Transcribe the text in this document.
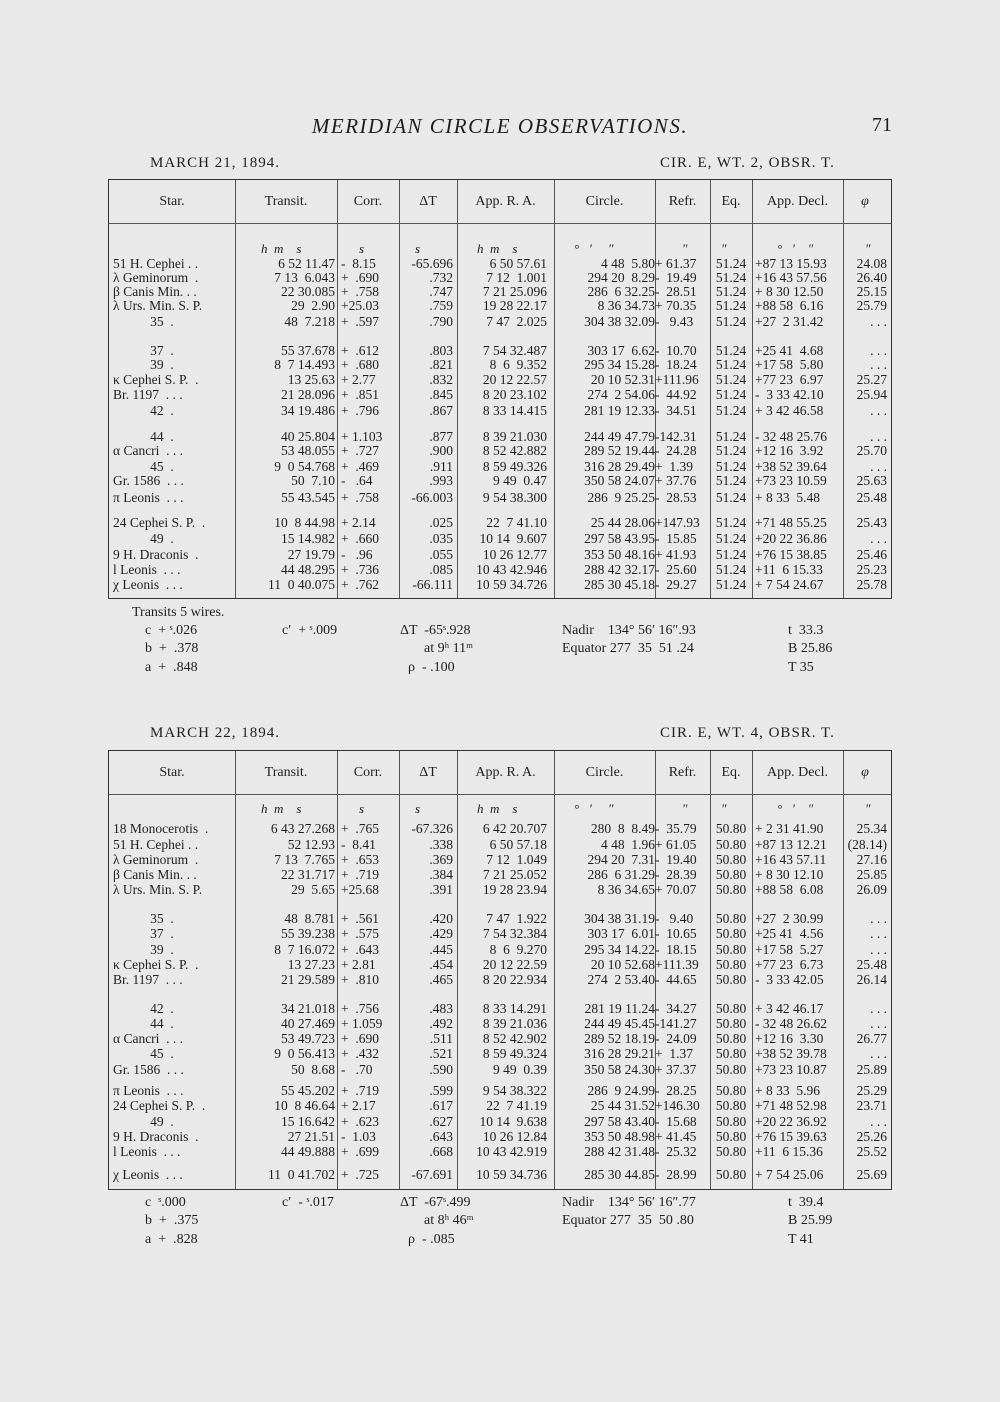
MERIDIAN CIRCLE OBSERVATIONS.	71
MARCH 21, 1894.	CIR. E, WT. 2, OBSR. T.
Star.	Transit.	Corr.	ΔT	App. R. A.	Circle.	Refr.	Eq.	App. Decl.	φ
h  m    s	s	s	h  m    s	°   ′     ″	″	″	°   ′    ″	″
51 H. Cephei . .	6 52 11.47 -  8.15	-65.696	6 50 57.61	4 48  5.80 + 61.37	51.24 +87 13 15.93	24.08
λ Geminorum  .	7 13  6.043 +  .690	.732	7 12  1.001	294 20  8.29 -  19.49	51.24 +16 43 57.56	26.40
β Canis Min. . .	22 30.085 +  .758	.747	7 21 25.096	286  6 32.25 -  28.51	51.24 + 8 30 12.50	25.15
λ Urs. Min. S. P.	29  2.90 +25.03	.759	19 28 22.17	8 36 34.73 + 70.35	51.24 +88 58  6.16	25.79
35  .	48  7.218 +  .597	.790	7 47  2.025	304 38 32.09 -   9.43	51.24 +27  2 31.42	. . .
37  .	55 37.678 +  .612	.803	7 54 32.487	303 17  6.62 -  10.70	51.24 +25 41  4.68	. . .
39  .	8  7 14.493 +  .680	.821	8  6  9.352	295 34 15.28 -  18.24	51.24 +17 58  5.80	. . .
κ Cephei S. P.  .	13 25.63 + 2.77	.832	20 12 22.57	20 10 52.31 +111.96	51.24 +77 23  6.97	25.27
Br. 1197  . . .	21 28.096 +  .851	.845	8 20 23.102	274  2 54.06 -  44.92	51.24 -  3 33 42.10	25.94
42  .	34 19.486 +  .796	.867	8 33 14.415	281 19 12.33 -  34.51	51.24 + 3 42 46.58	. . .
44  .	40 25.804 + 1.103	.877	8 39 21.030	244 49 47.79 -142.31	51.24 - 32 48 25.76	. . .
α Cancri  . . .	53 48.055 +  .727	.900	8 52 42.882	289 52 19.44 -  24.28	51.24 +12 16  3.92	25.70
45  .	9  0 54.768 +  .469	.911	8 59 49.326	316 28 29.49 +  1.39	51.24 +38 52 39.64	. . .
Gr. 1586  . . .	50  7.10 -   .64	.993	9 49  0.47	350 58 24.07 + 37.76	51.24 +73 23 10.59	25.63
π Leonis  . . .	55 43.545 +  .758	-66.003	9 54 38.300	286  9 25.25 -  28.53	51.24 + 8 33  5.48	25.48
24 Cephei S. P.  .	10  8 44.98 + 2.14	.025	22  7 41.10	25 44 28.06 +147.93	51.24 +71 48 55.25	25.43
49  .	15 14.982 +  .660	.035	10 14  9.607	297 58 43.95 -  15.85	51.24 +20 22 36.86	. . .
9 H. Draconis  .	27 19.79 -   .96	.055	10 26 12.77	353 50 48.16 + 41.93	51.24 +76 15 38.85	25.46
l Leonis  . . .	44 48.295 +  .736	.085	10 43 42.946	288 42 32.17 -  25.60	51.24 +11  6 15.33	25.23
χ Leonis  . . .	11  0 40.075 +  .762	-66.111	10 59 34.726	285 30 45.18 -  29.27	51.24 + 7 54 24.67	25.78
Transits 5 wires.
c  + ˢ.026	c′  + ˢ.009	ΔT  -65ˢ.928	Nadir    134° 56′ 16″.93	t  33.3
b  +  .378	at 9ʰ 11ᵐ	Equator 277  35  51 .24	B 25.86
a  +  .848	ρ  - .100	T 35
MARCH 22, 1894.	CIR. E, WT. 4, OBSR. T.
Star.	Transit.	Corr.	ΔT	App. R. A.	Circle.	Refr.	Eq.	App. Decl.	φ
h  m    s	s	s	h  m    s	°   ′     ″	″	″	°   ′    ″	″
18 Monocerotis  .	6 43 27.268 +  .765	-67.326	6 42 20.707	280  8  8.49 -  35.79	50.80 + 2 31 41.90	25.34
51 H. Cephei . .	52 12.93 -  8.41	.338	6 50 57.18	4 48  1.96 + 61.05	50.80 +87 13 12.21	(28.14)
λ Geminorum  .	7 13  7.765 +  .653	.369	7 12  1.049	294 20  7.31 -  19.40	50.80 +16 43 57.11	27.16
β Canis Min. . .	22 31.717 +  .719	.384	7 21 25.052	286  6 31.29 -  28.39	50.80 + 8 30 12.10	25.85
λ Urs. Min. S. P.	29  5.65 +25.68	.391	19 28 23.94	8 36 34.65 + 70.07	50.80 +88 58  6.08	26.09
35  .	48  8.781 +  .561	.420	7 47  1.922	304 38 31.19 -   9.40	50.80 +27  2 30.99	. . .
37  .	55 39.238 +  .575	.429	7 54 32.384	303 17  6.01 -  10.65	50.80 +25 41  4.56	. . .
39  .	8  7 16.072 +  .643	.445	8  6  9.270	295 34 14.22 -  18.15	50.80 +17 58  5.27	. . .
κ Cephei S. P.  .	13 27.23 + 2.81	.454	20 12 22.59	20 10 52.68 +111.39	50.80 +77 23  6.73	25.48
Br. 1197  . . .	21 29.589 +  .810	.465	8 20 22.934	274  2 53.40 -  44.65	50.80 -  3 33 42.05	26.14
42  .	34 21.018 +  .756	.483	8 33 14.291	281 19 11.24 -  34.27	50.80 + 3 42 46.17	. . .
44  .	40 27.469 + 1.059	.492	8 39 21.036	244 49 45.45 -141.27	50.80 - 32 48 26.62	. . .
α Cancri  . . .	53 49.723 +  .690	.511	8 52 42.902	289 52 18.19 -  24.09	50.80 +12 16  3.30	26.77
45  .	9  0 56.413 +  .432	.521	8 59 49.324	316 28 29.21 +  1.37	50.80 +38 52 39.78	. . .
Gr. 1586  . . .	50  8.68 -   .70	.590	9 49  0.39	350 58 24.30 + 37.37	50.80 +73 23 10.87	25.89
π Leonis  . . .	55 45.202 +  .719	.599	9 54 38.322	286  9 24.99 -  28.25	50.80 + 8 33  5.96	25.29
24 Cephei S. P.  .	10  8 46.64 + 2.17	.617	22  7 41.19	25 44 31.52 +146.30	50.80 +71 48 52.98	23.71
49  .	15 16.642 +  .623	.627	10 14  9.638	297 58 43.40 -  15.68	50.80 +20 22 36.92	. . .
9 H. Draconis  .	27 21.51 -  1.03	.643	10 26 12.84	353 50 48.98 + 41.45	50.80 +76 15 39.63	25.26
l Leonis  . . .	44 49.888 +  .699	.668	10 43 42.919	288 42 31.48 -  25.32	50.80 +11  6 15.36	25.52
χ Leonis  . . .	11  0 41.702 +  .725	-67.691	10 59 34.736	285 30 44.85 -  28.99	50.80 + 7 54 25.06	25.69
c  ˢ.000	c′  - ˢ.017	ΔT  -67ˢ.499	Nadir    134° 56′ 16″.77	t  39.4
b  +  .375	at 8ʰ 46ᵐ	Equator 277  35  50 .80	B 25.99
a  +  .828	ρ  - .085	T 41
